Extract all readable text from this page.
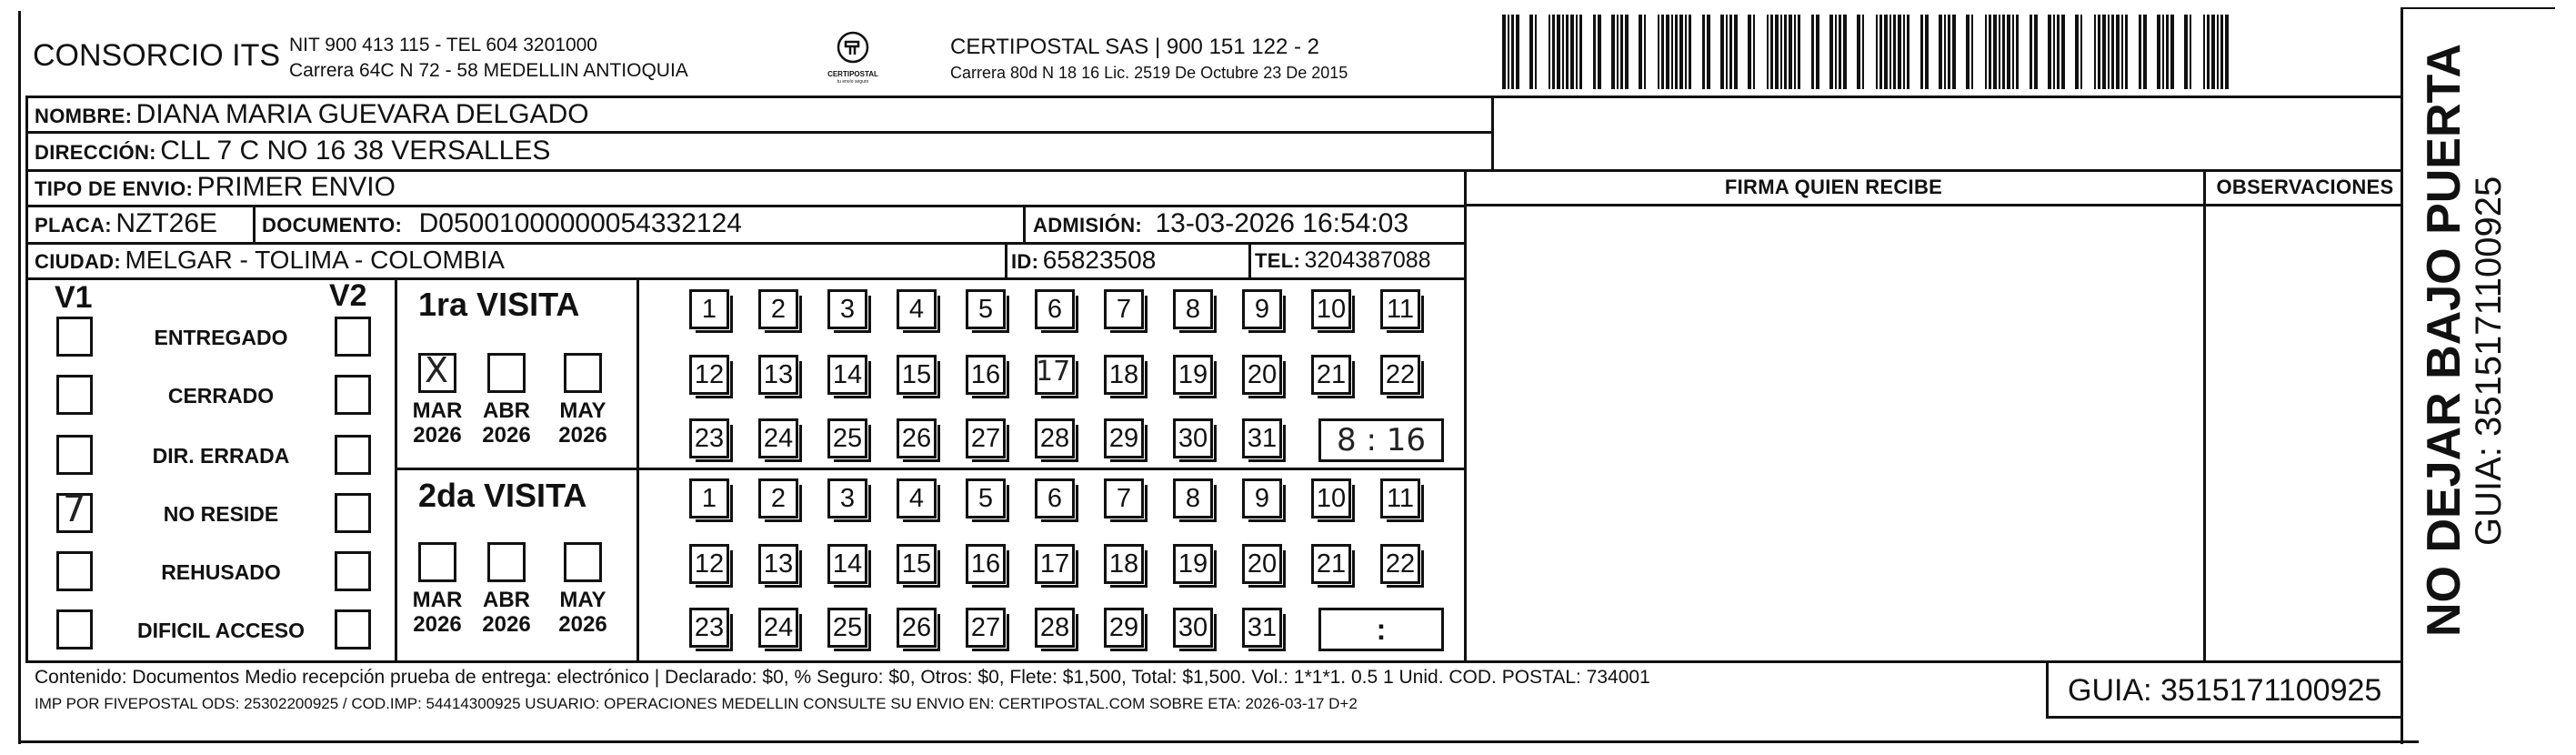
CONSORCIO ITS NIT 900 413 115 - TEL 604 3201000
Carrera 64C N 72 - 58 MEDELLIN ANTIOQUIA	CERTIPOSTAL
tu envío seguro
CERTIPOSTAL SAS | 900 151 122 - 2
Carrera 80d N 18 16 Lic. 2519 De Octubre 23 De 2015
NOMBRE: DIANA MARIA GUEVARA DELGADO
DIRECCIÓN: CLL 7 C NO 16 38 VERSALLES
TIPO DE ENVIO: PRIMER ENVIO
PLACA: NZT26E DOCUMENTO: D05001000000054332124	ADMISIÓN: 13-03-2026 16:54:03
CIUDAD: MELGAR - TOLIMA - COLOMBIA	ID: 65823508	TEL: 3204387088
FIRMA QUIEN RECIBE	OBSERVACIONES
V1	V2
ENTREGADO
CERRADO
DIR. ERRADA
7	NO RESIDE
REHUSADO
DIFICIL ACCESO
1ra VISITA
X
MAR
2026
ABR
2026
MAY
2026
1 2 3 4 5 6 7 8 9 10 11
12 13 14 15 16 17 18 19 20 21 22
23 24 25 26 27 28 29 30 31 8 : 16
2da VISITA
MAR
2026
ABR
2026
MAY
2026
1 2 3 4 5 6 7 8 9 10 11
12 13 14 15 16 17 18 19 20 21 22
23 24 25 26 27 28 29 30 31	:
Contenido: Documentos Medio recepción prueba de entrega: electrónico | Declarado: $0, % Seguro: $0, Otros: $0, Flete: $1,500, Total: $1,500. Vol.: 1*1*1. 0.5 1 Unid. COD. POSTAL: 734001
IMP POR FIVEPOSTAL ODS: 25302200925 / COD.IMP: 54414300925 USUARIO: OPERACIONES MEDELLIN CONSULTE SU ENVIO EN: CERTIPOSTAL.COM SOBRE ETA: 2026-03-17 D+2	GUIA: 3515171100925
NO DEJAR BAJO PUERTA
GUIA: 3515171100925
